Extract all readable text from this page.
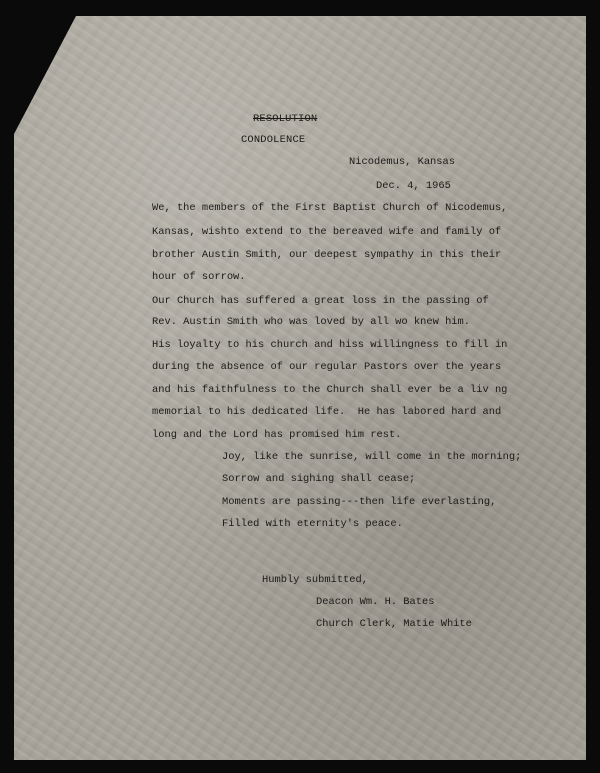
RESOLUTION
CONDOLENCE
Nicodemus, Kansas
Dec. 4, 1965
We, the members of the First Baptist Church of Nicodemus,
Kansas, wishto extend to the bereaved wife and family of
brother Austin Smith, our deepest sympathy in this their
hour of sorrow.
Our Church has suffered a great loss in the passing of
Rev. Austin Smith who was loved by all wo knew him.
His loyalty to his church and hiss willingness to fill in
during the absence of our regular Pastors over the years
and his faithfulness to the Church shall ever be a liv ng
memorial to his dedicated life.  He has labored hard and
long and the Lord has promised him rest.
Joy, like the sunrise, will come in the morning;
Sorrow and sighing shall cease;
Moments are passing---then life everlasting,
Filled with eternity's peace.
Humbly submitted,
Deacon Wm. H. Bates
Church Clerk, Matie White
